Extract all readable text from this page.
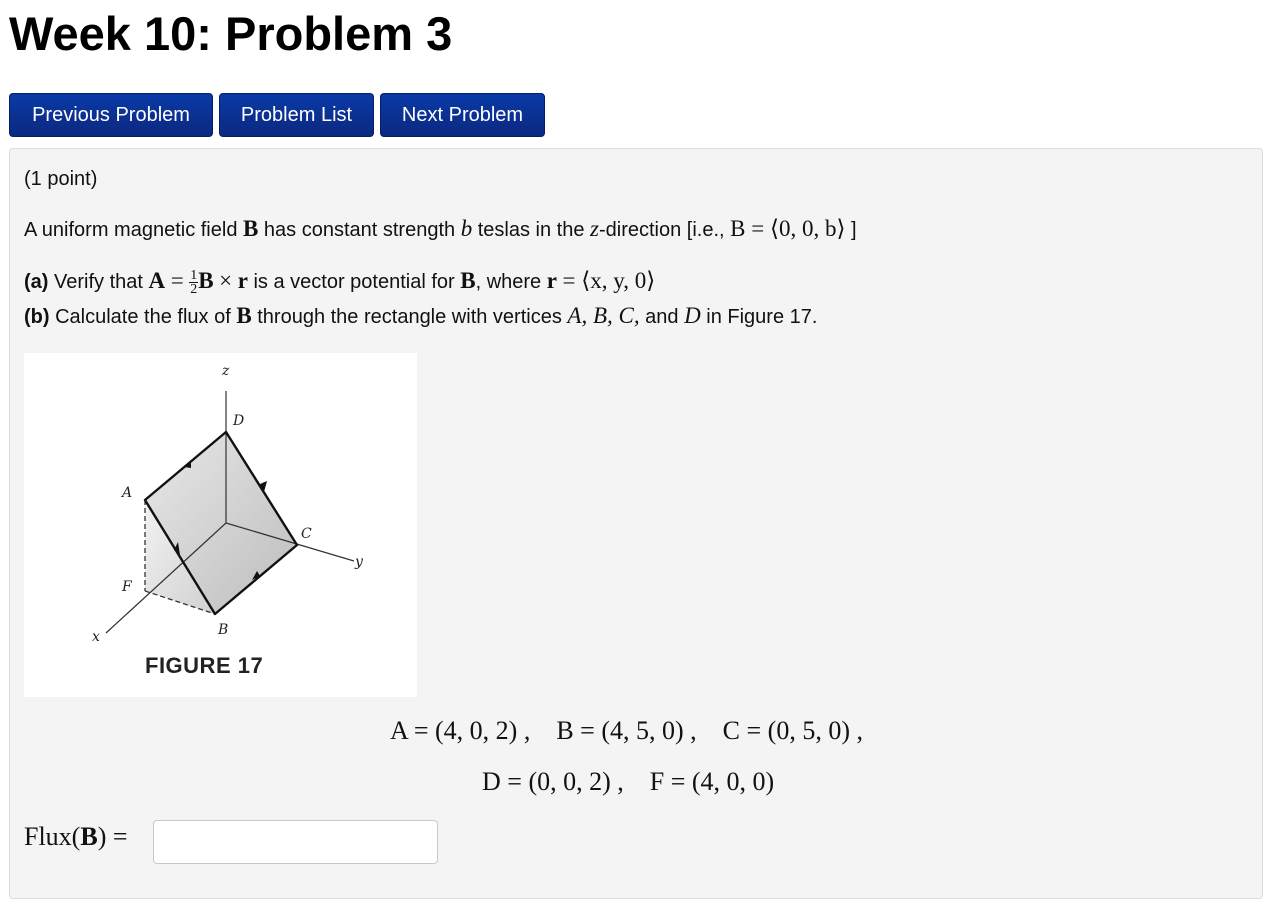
Week 10: Problem 3
Previous Problem	Problem List	Next Problem
(1 point)
A uniform magnetic field B has constant strength b teslas in the z-direction [i.e., B = ⟨0, 0, b⟩ ]
(a) Verify that $A = \frac{1}{2}$ B × r is a vector potential for B, where r = ⟨x, y, 0⟩
(b) Calculate the flux of B through the rectangle with vertices A, B, C, and D in Figure 17.
z
D
A
C
y
F
B
x
FIGURE 17
A = (4, 0, 2) , B = (4, 5, 0) , C = (0, 5, 0) ,
D = (0, 0, 2) , F = (4, 0, 0)
Flux(B) =
